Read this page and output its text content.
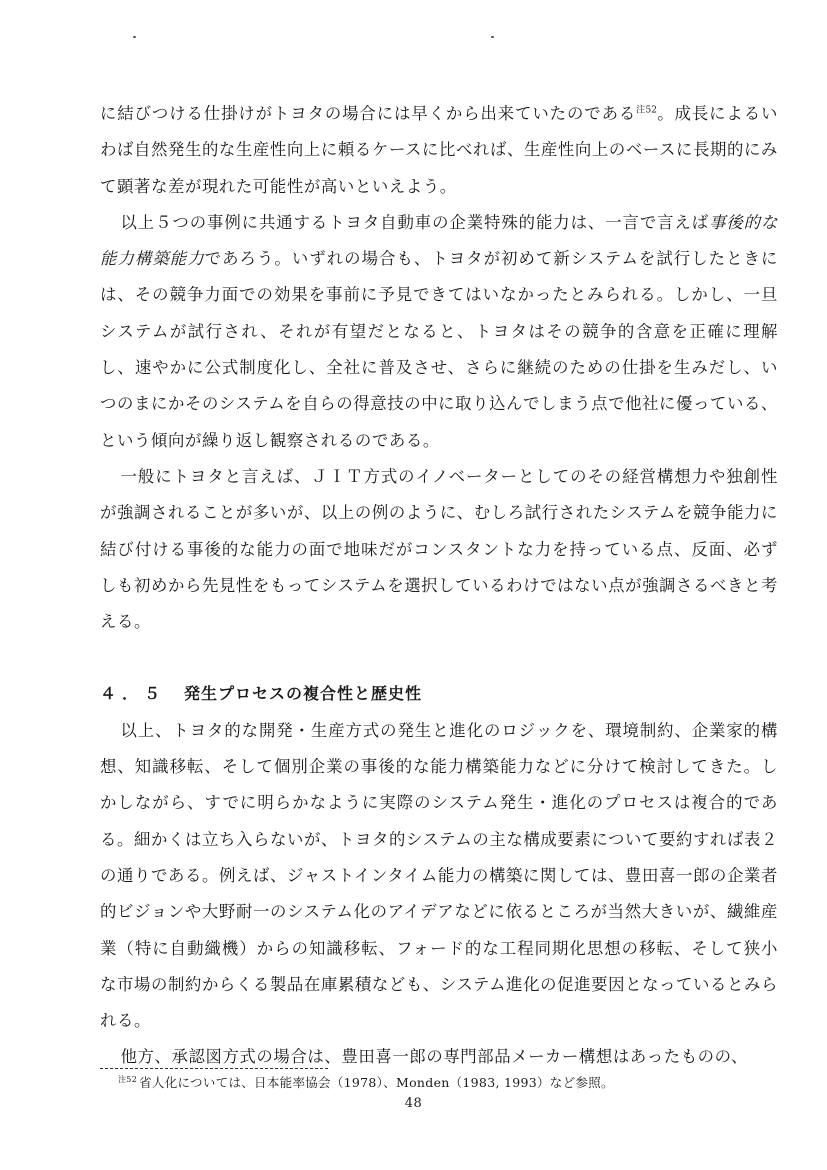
に結びつける仕掛けがトヨタの場合には早くから出来ていたのである$^{注52}$。成長によるいわば自然発生的な生産性向上に頼るケースに比べれば、生産性向上のベースに長期的にみて顕著な差が現れた可能性が高いといえよう。

以上５つの事例に共通するトヨタ自動車の企業特殊的能力は、一言で言えば事後的な能力構築能力であろう。いずれの場合も、トヨタが初めて新システムを試行したときには、その競争力面での効果を事前に予見できてはいなかったとみられる。しかし、一旦システムが試行され、それが有望だとなると、トヨタはその競争的含意を正確に理解し、速やかに公式制度化し、全社に普及させ、さらに継続のための仕掛を生みだし、いつのまにかそのシステムを自らの得意技の中に取り込んでしまう点で他社に優っている、という傾向が繰り返し観察されるのである。

一般にトヨタと言えば、ＪＩＴ方式のイノベーターとしてのその経営構想力や独創性が強調されることが多いが、以上の例のように、むしろ試行されたシステムを競争能力に結び付ける事後的な能力の面で地味だがコンスタントな力を持っている点、反面、必ずしも初めから先見性をもってシステムを選択しているわけではない点が強調さるべきと考える。

４．５ 発生プロセスの複合性と歴史性

以上、トヨタ的な開発・生産方式の発生と進化のロジックを、環境制約、企業家的構想、知識移転、そして個別企業の事後的な能力構築能力などに分けて検討してきた。しかしながら、すでに明らかなように実際のシステム発生・進化のプロセスは複合的である。細かくは立ち入らないが、トヨタ的システムの主な構成要素について要約すれば表２の通りである。例えば、ジャストインタイム能力の構築に関しては、豊田喜一郎の企業者的ビジョンや大野耐一のシステム化のアイデアなどに依るところが当然大きいが、繊維産業（特に自動織機）からの知識移転、フォード的な工程同期化思想の移転、そして狭小な市場の制約からくる製品在庫累積なども、システム進化の促進要因となっているとみられる。

他方、承認図方式の場合は、豊田喜一郎の専門部品メーカー構想はあったものの、

$^{注52}$ 省人化については、日本能率協会（1978）、Monden（1983, 1993）など参照。
48
